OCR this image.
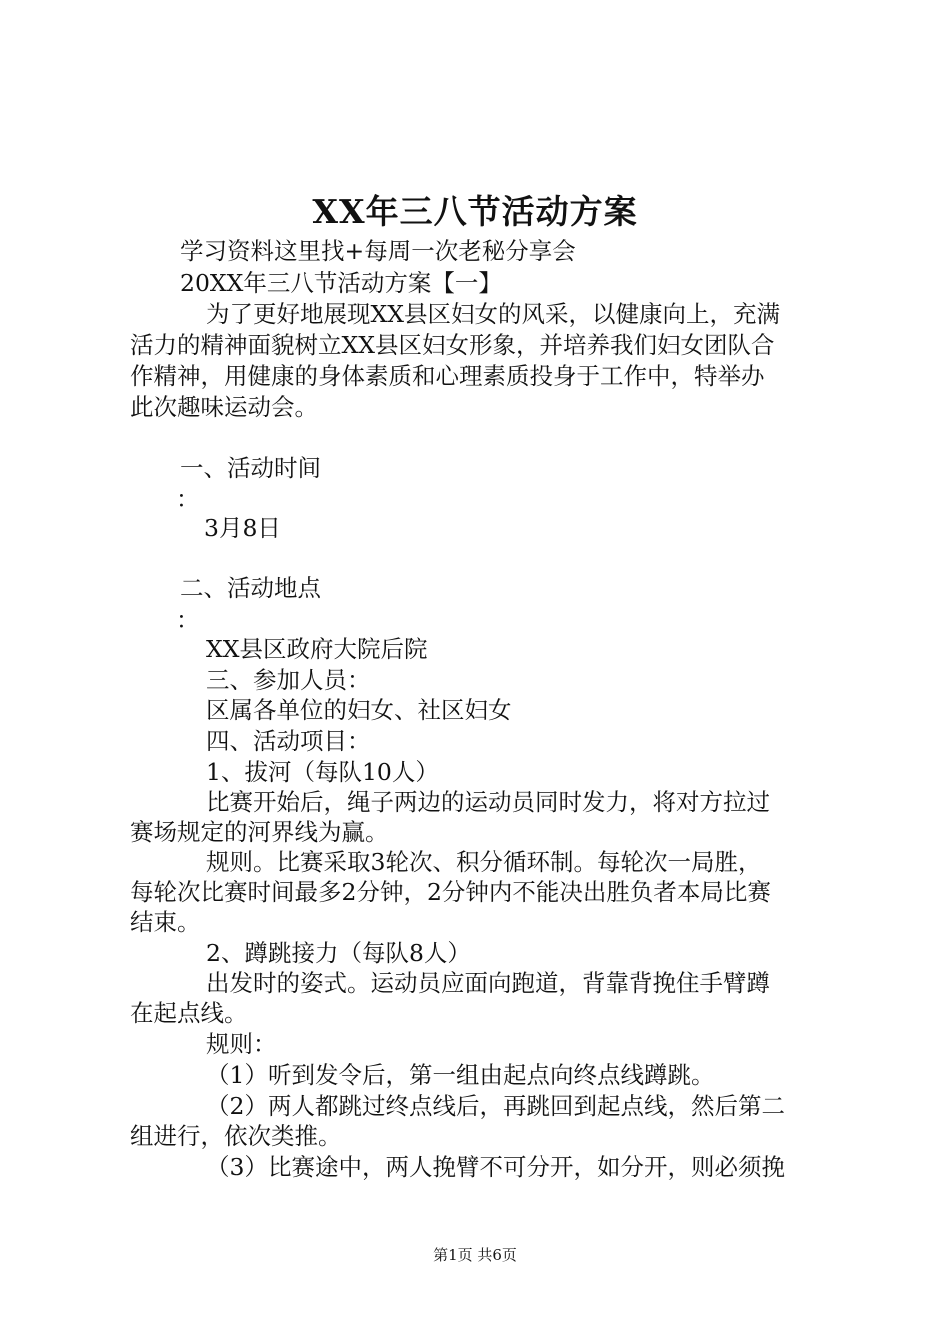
XX年三八节活动方案

学习资料这里找+每周一次老秘分享会

20XX年三八节活动方案【一】

为了更好地展现XX县区妇女的风采，以健康向上，充满

活力的精神面貌树立XX县区妇女形象，并培养我们妇女团队合

作精神，用健康的身体素质和心理素质投身于工作中，特举办

此次趣味运动会。

一、活动时间

：

3月8日

二、活动地点

：

XX县区政府大院后院

三、参加人员：

区属各单位的妇女、社区妇女

四、活动项目：

1、拔河（每队10人）

比赛开始后，绳子两边的运动员同时发力，将对方拉过

赛场规定的河界线为赢。

规则。比赛采取3轮次、积分循环制。每轮次一局胜，

每轮次比赛时间最多2分钟，2分钟内不能决出胜负者本局比赛

结束。

2、蹲跳接力（每队8人）

出发时的姿式。运动员应面向跑道，背靠背挽住手臂蹲

在起点线。

规则：

（1）听到发令后，第一组由起点向终点线蹲跳。

（2）两人都跳过终点线后，再跳回到起点线，然后第二

组进行，依次类推。

（3）比赛途中，两人挽臂不可分开，如分开，则必须挽

第1页 共6页
